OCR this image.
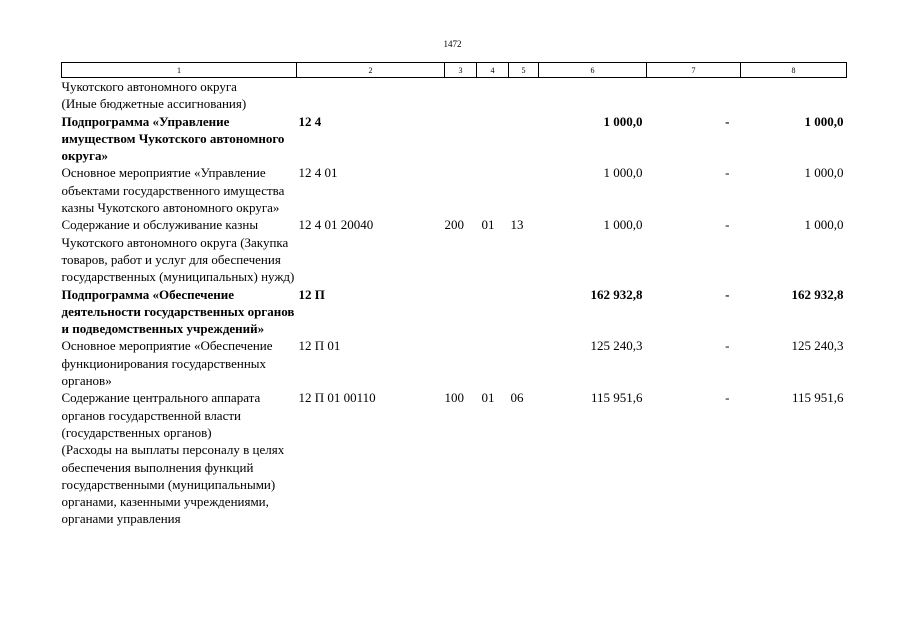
1472
1	2	3	4	5	6	7	8
Чукотского автономного округа
(Иные бюджетные ассигнования)							
Подпрограмма «Управление имуществом Чукотского автономного округа»	12 4				1 000,0	-	1 000,0
Основное мероприятие «Управление объектами государственного имущества казны Чукотского автономного округа»	12 4 01				1 000,0	-	1 000,0
Содержание и обслуживание казны Чукотского автономного округа (Закупка товаров, работ и услуг для обеспечения государственных (муниципальных) нужд)	12 4 01 20040	200	01	13	1 000,0	-	1 000,0
Подпрограмма «Обеспечение деятельности государственных органов и подведомственных учреждений»	12 П				162 932,8	-	162 932,8
Основное мероприятие «Обеспечение функционирования государственных органов»	12 П 01				125 240,3	-	125 240,3
Содержание центрального аппарата органов государственной власти (государственных органов)
(Расходы на выплаты персоналу в целях обеспечения выполнения функций государственными (муниципальными) органами, казенными учреждениями, органами управления	12 П 01 00110	100	01	06	115 951,6	-	115 951,6
